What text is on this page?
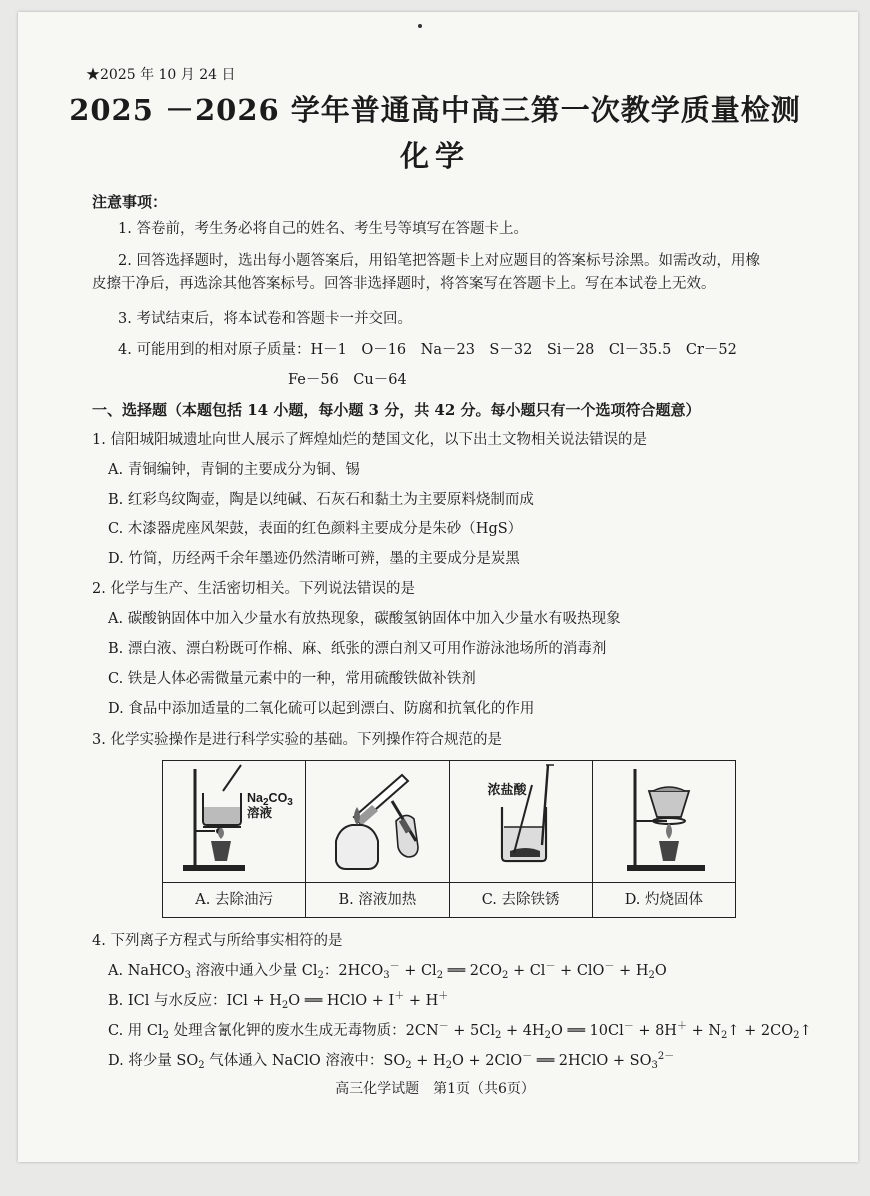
★2025 年 10 月 24 日
2025 －2026 学年普通高中高三第一次教学质量检测
化学
注意事项：
1. 答卷前，考生务必将自己的姓名、考生号等填写在答题卡上。
2. 回答选择题时，选出每小题答案后，用铅笔把答题卡上对应题目的答案标号涂黑。如需改动，用橡
皮擦干净后，再选涂其他答案标号。回答非选择题时，将答案写在答题卡上。写在本试卷上无效。
3. 考试结束后，将本试卷和答题卡一并交回。
4. 可能用到的相对原子质量：H－1　O－16　Na－23　S－32　Si－28　Cl－35.5　Cr－52
Fe－56　Cu－64
一、选择题（本题包括 14 小题，每小题 3 分，共 42 分。每小题只有一个选项符合题意）
1. 信阳城阳城遗址向世人展示了辉煌灿烂的楚国文化，以下出土文物相关说法错误的是
A. 青铜编钟，青铜的主要成分为铜、锡
B. 红彩鸟纹陶壶，陶是以纯碱、石灰石和黏土为主要原料烧制而成
C. 木漆器虎座风架鼓，表面的红色颜料主要成分是朱砂（HgS）
D. 竹简，历经两千余年墨迹仍然清晰可辨，墨的主要成分是炭黑
2. 化学与生产、生活密切相关。下列说法错误的是
A. 碳酸钠固体中加入少量水有放热现象，碳酸氢钠固体中加入少量水有吸热现象
B. 漂白液、漂白粉既可作棉、麻、纸张的漂白剂又可用作游泳池场所的消毒剂
C. 铁是人体必需微量元素中的一种，常用硫酸铁做补铁剂
D. 食品中添加适量的二氧化硫可以起到漂白、防腐和抗氧化的作用
3. 化学实验操作是进行科学实验的基础。下列操作符合规范的是
$Na_2CO_3$
溶液
A. 去除油污	B. 溶液加热
浓盐酸
C. 去除铁锈	D. 灼烧固体
4. 下列离子方程式与所给事实相符的是
A. NaHCO$_3$ 溶液中通入少量 $Cl_2$：$2HCO_3^- + Cl_2$ ══ $2CO_2 + Cl^- + ClO^- + H_2O$
B. ICl 与水反应：ICl + $H_2O$ ══ HClO + I＋ + H＋
C. 用 $Cl_2$ 处理含氰化钾的废水生成无毒物质：$2CN^- + 5Cl_2 + 4H_2O$ ══ $10Cl^- + 8H^+ + N_2↑$ + $2CO_2↑$
D. 将少量 $SO_2$ 气体通入 NaClO 溶液中：$SO_2 + H_2O + 2ClO^-$ ══ 2HClO + $SO_3^{2-}$
高三化学试题　第1页（共6页）
